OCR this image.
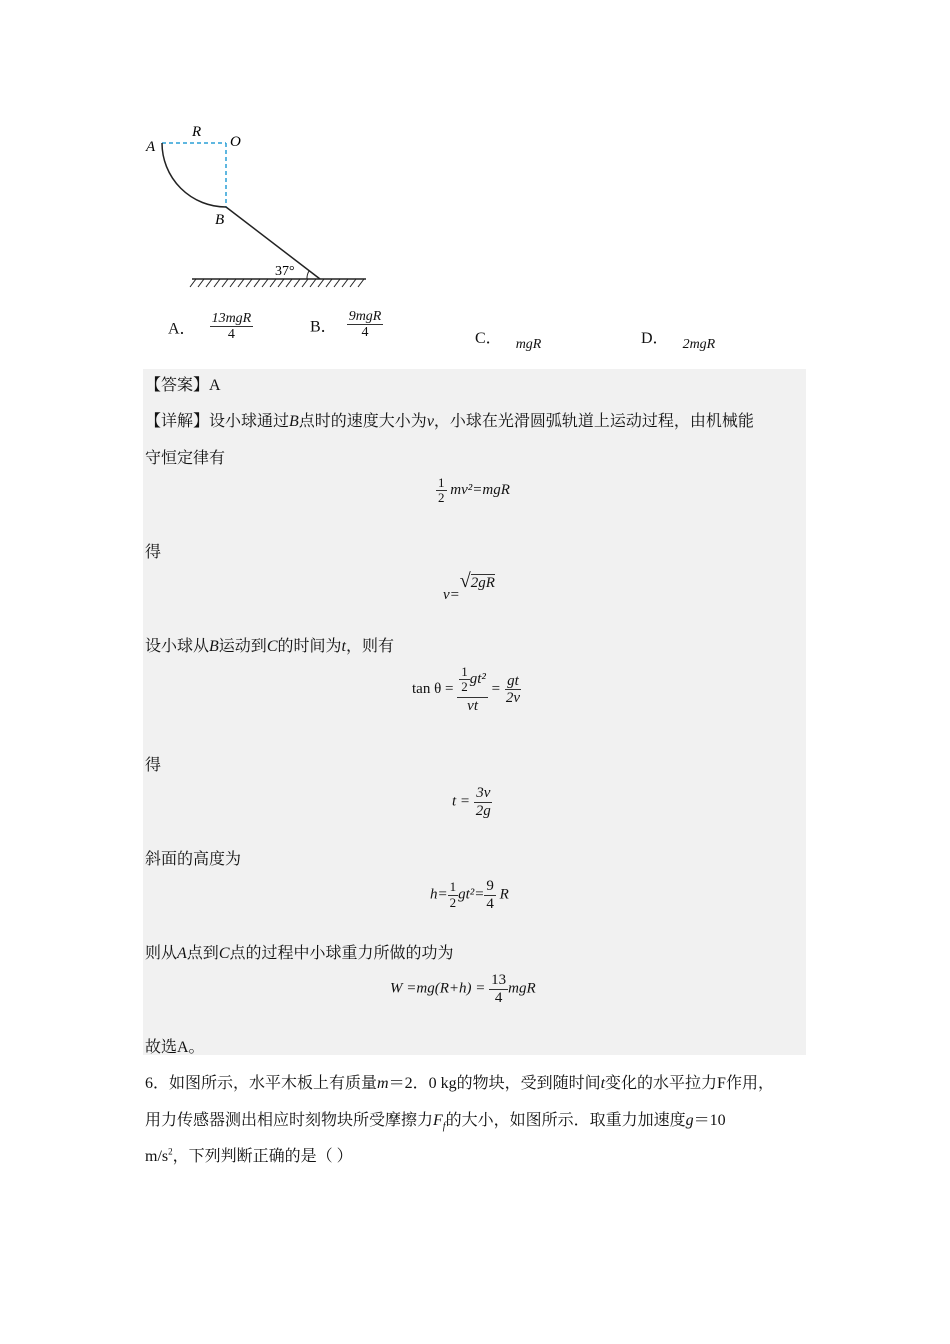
A
R
O
B
37°
A． $\frac{\text{13mgR}}{4}$	B． $\frac{\text{9mgR}}{4}$	C． mgR	D． 2mgR
【答案】A
【详解】设小球通过B点时的速度大小为v，小球在光滑圆弧轨道上运动过程，由机械能
守恒定律有
$\frac{1}{2} mv^2=mgR$
得
v=√2gR
设小球从B运动到C的时间为t，则有
$\tan \theta = \frac{\frac{1}{2} gt^2}{vt} = \frac{gt}{2v}$
得
$t = \frac{3v}{2g}$
斜面的高度为
$h= \frac{1}{2} gt^2= \frac{9}{4}$ R
则从A点到C点的过程中小球重力所做的功为
$W =mg(R+h) = \frac{13}{4}$ mgR
故选A。
6．如图所示，水平木板上有质量m＝2．0 kg的物块，受到随时间t变化的水平拉力F作用，
用力传感器测出相应时刻物块所受摩擦力$F_f$的大小，如图所示．取重力加速度g＝10
$m/s^2$，下列判断正确的是（ ）
